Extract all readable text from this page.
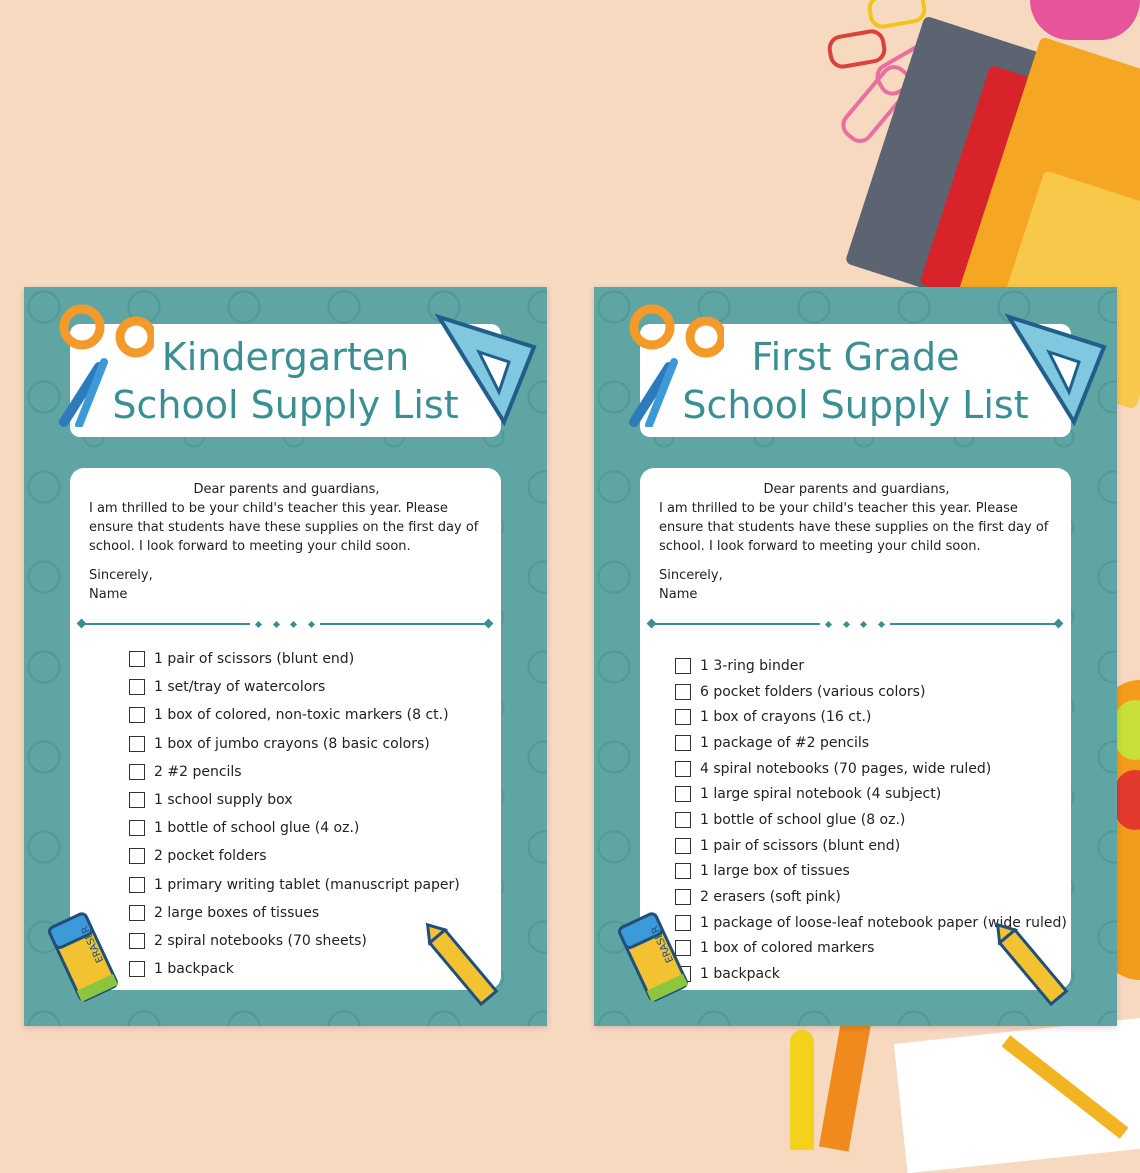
Kindergarten
School Supply List
Dear parents and guardians,
I am thrilled to be your child's teacher this year. Please ensure that students have these supplies on the first day of school. I look forward to meeting your child soon.
Sincerely,
Name
1 pair of scissors (blunt end)
1 set/tray of watercolors
1 box of colored, non-toxic markers (8 ct.)
1 box of jumbo crayons (8 basic colors)
2 #2 pencils
1 school supply box
1 bottle of school glue (4 oz.)
2 pocket folders
1 primary writing tablet (manuscript paper)
2 large boxes of tissues
2 spiral notebooks (70 sheets)
1 backpack
ERASER
First Grade
School Supply List
Dear parents and guardians,
I am thrilled to be your child's teacher this year. Please ensure that students have these supplies on the first day of school. I look forward to meeting your child soon.
Sincerely,
Name
1 3-ring binder
6 pocket folders (various colors)
1 box of crayons (16 ct.)
1 package of #2 pencils
4 spiral notebooks (70 pages, wide ruled)
1 large spiral notebook (4 subject)
1 bottle of school glue (8 oz.)
1 pair of scissors (blunt end)
1 large box of tissues
2 erasers (soft pink)
1 package of loose-leaf notebook paper (wide ruled)
1 box of colored markers
1 backpack
ERASER
